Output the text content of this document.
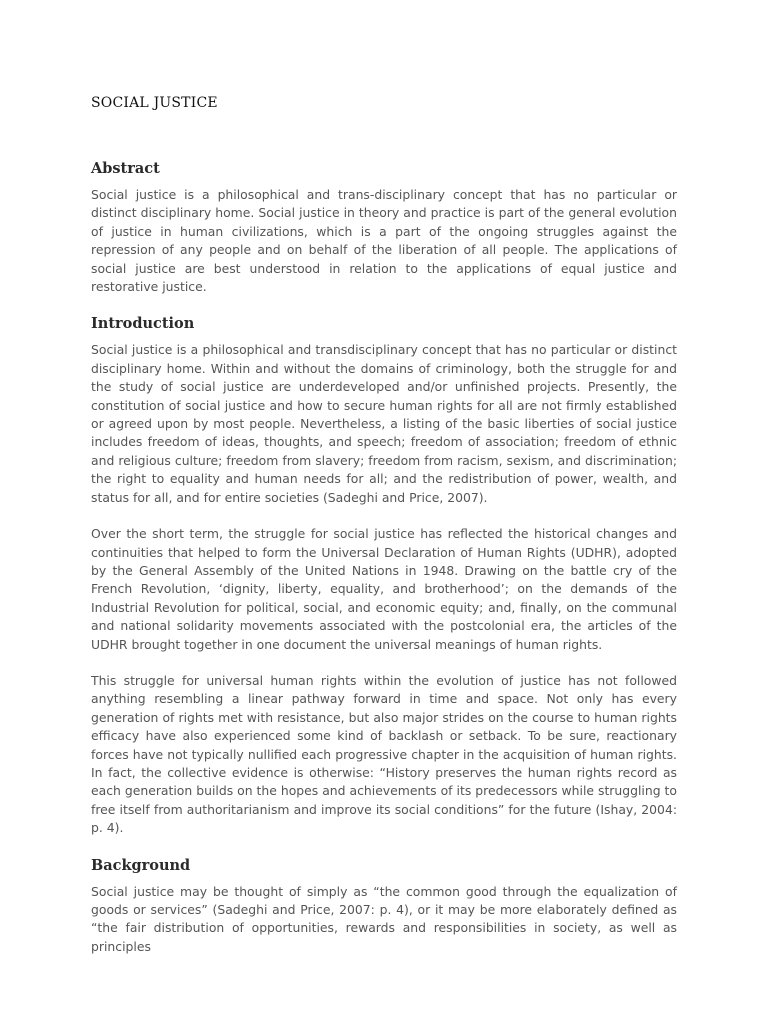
SOCIAL JUSTICE
Abstract

Social justice is a philosophical and trans-disciplinary concept that has no particular or distinct disciplinary home. Social justice in theory and practice is part of the general evolution of justice in human civilizations, which is a part of the ongoing struggles against the repression of any people and on behalf of the liberation of all people. The applications of social justice are best understood in relation to the applications of equal justice and restorative justice.

Introduction

Social justice is a philosophical and transdisciplinary concept that has no particular or distinct disciplinary home. Within and without the domains of criminology, both the struggle for and the study of social justice are underdeveloped and/or unfinished projects. Presently, the constitution of social justice and how to secure human rights for all are not firmly established or agreed upon by most people. Nevertheless, a listing of the basic liberties of social justice includes freedom of ideas, thoughts, and speech; freedom of association; freedom of ethnic and religious culture; freedom from slavery; freedom from racism, sexism, and discrimination; the right to equality and human needs for all; and the redistribution of power, wealth, and status for all, and for entire societies (Sadeghi and Price, 2007).

Over the short term, the struggle for social justice has reflected the historical changes and continuities that helped to form the Universal Declaration of Human Rights (UDHR), adopted by the General Assembly of the United Nations in 1948. Drawing on the battle cry of the French Revolution, ‘dignity, liberty, equality, and brotherhood’; on the demands of the Industrial Revolution for political, social, and economic equity; and, finally, on the communal and national solidarity movements associated with the postcolonial era, the articles of the UDHR brought together in one document the universal meanings of human rights.

This struggle for universal human rights within the evolution of justice has not followed anything resembling a linear pathway forward in time and space. Not only has every generation of rights met with resistance, but also major strides on the course to human rights efficacy have also experienced some kind of backlash or setback. To be sure, reactionary forces have not typically nullified each progressive chapter in the acquisition of human rights. In fact, the collective evidence is otherwise: “History preserves the human rights record as each generation builds on the hopes and achievements of its predecessors while struggling to free itself from authoritarianism and improve its social conditions” for the future (Ishay, 2004: p. 4).

Background

Social justice may be thought of simply as “the common good through the equalization of goods or services” (Sadeghi and Price, 2007: p. 4), or it may be more elaborately defined as “the fair distribution of opportunities, rewards and responsibilities in society, as well as principles
